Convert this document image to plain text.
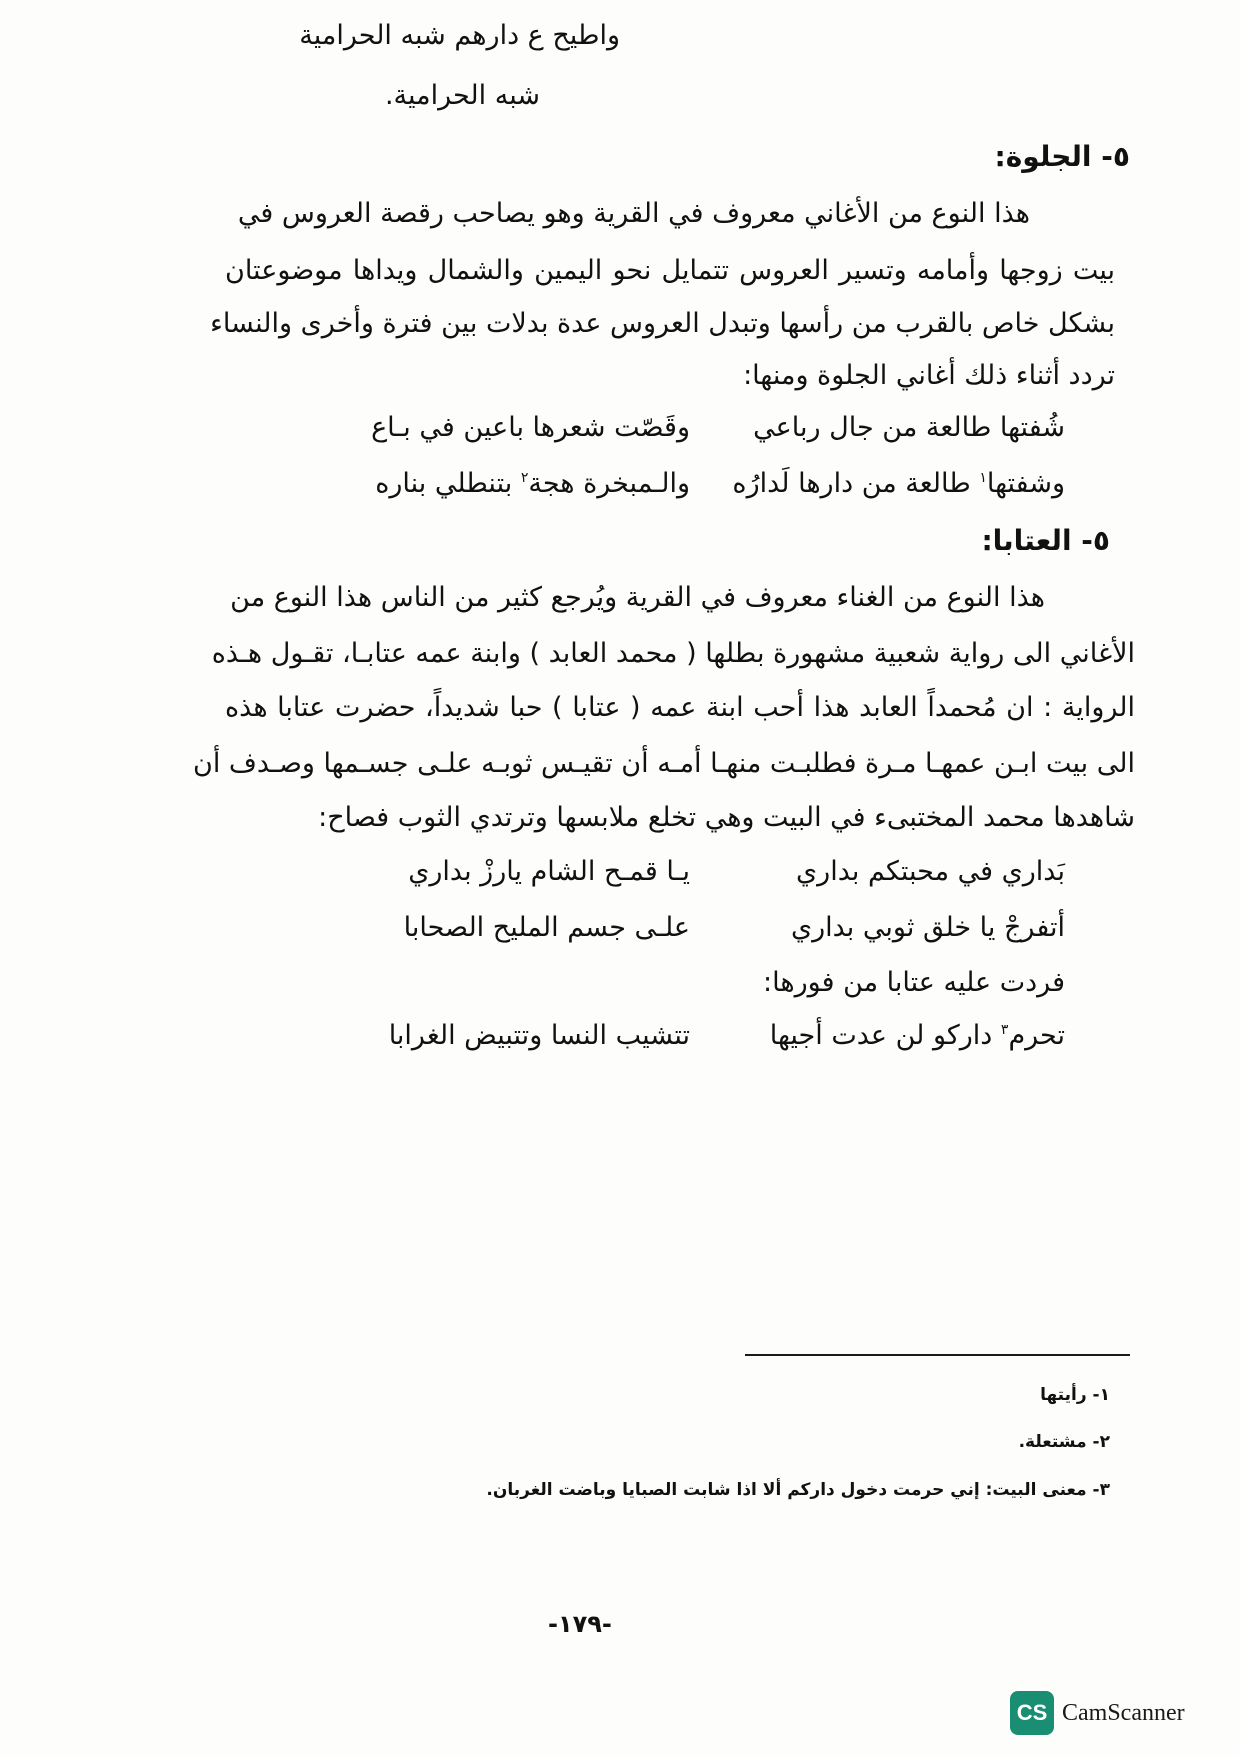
واطيح ع دارهم شبه الحرامية
شبه الحرامية.
٥- الجلوة:
هذا النوع من الأغاني معروف في القرية وهو يصاحب رقصة العروس في
بيت زوجها وأمامه وتسير العروس تتمايل نحو اليمين والشمال ويداها موضوعتان
بشكل خاص بالقرب من رأسها وتبدل العروس عدة بدلات بين فترة وأخرى والنساء
تردد أثناء ذلك أغاني الجلوة ومنها:
شُفتها طالعة من جال رباعي
وقَصّت شعرها باعين في بـاع
وشفتها$^١$ طالعة من دارها لَدارُه
والـمبخرة هجة$^٢$ بتنطلي بناره
٥- العتابا:
هذا النوع من الغناء معروف في القرية ويُرجع كثير من الناس هذا النوع من
الأغاني الى رواية شعبية مشهورة بطلها ( محمد العابد ) وابنة عمه عتابـا، تقـول هـذه
الرواية : ان مُحمداً العابد هذا أحب ابنة عمه ( عتابا ) حبا شديداً، حضرت عتابا هذه
الى بيت ابـن عمهـا مـرة فطلبـت منهـا أمـه أن تقيـس ثوبـه علـى جسـمها وصـدف أن
شاهدها محمد المختبىء في البيت وهي تخلع ملابسها وترتدي الثوب فصاح:
بَداري في محبتكم بداري
يـا قمـح الشام يارزْ بداري
أتفرجْ يا خلق ثوبي بداري
علـى جسم المليح الصحابا
فردت عليه عتابا من فورها:
تحرم$^٣$ داركو لن عدت أجيها
تتشيب النسا وتتبيض الغرابا
١- رأيتها
٢- مشتعلة.
٣- معنى البيت: إني حرمت دخول داركم ألا اذا شابت الصبايا وباضت الغربان.
-١٧٩-
CS CamScanner
